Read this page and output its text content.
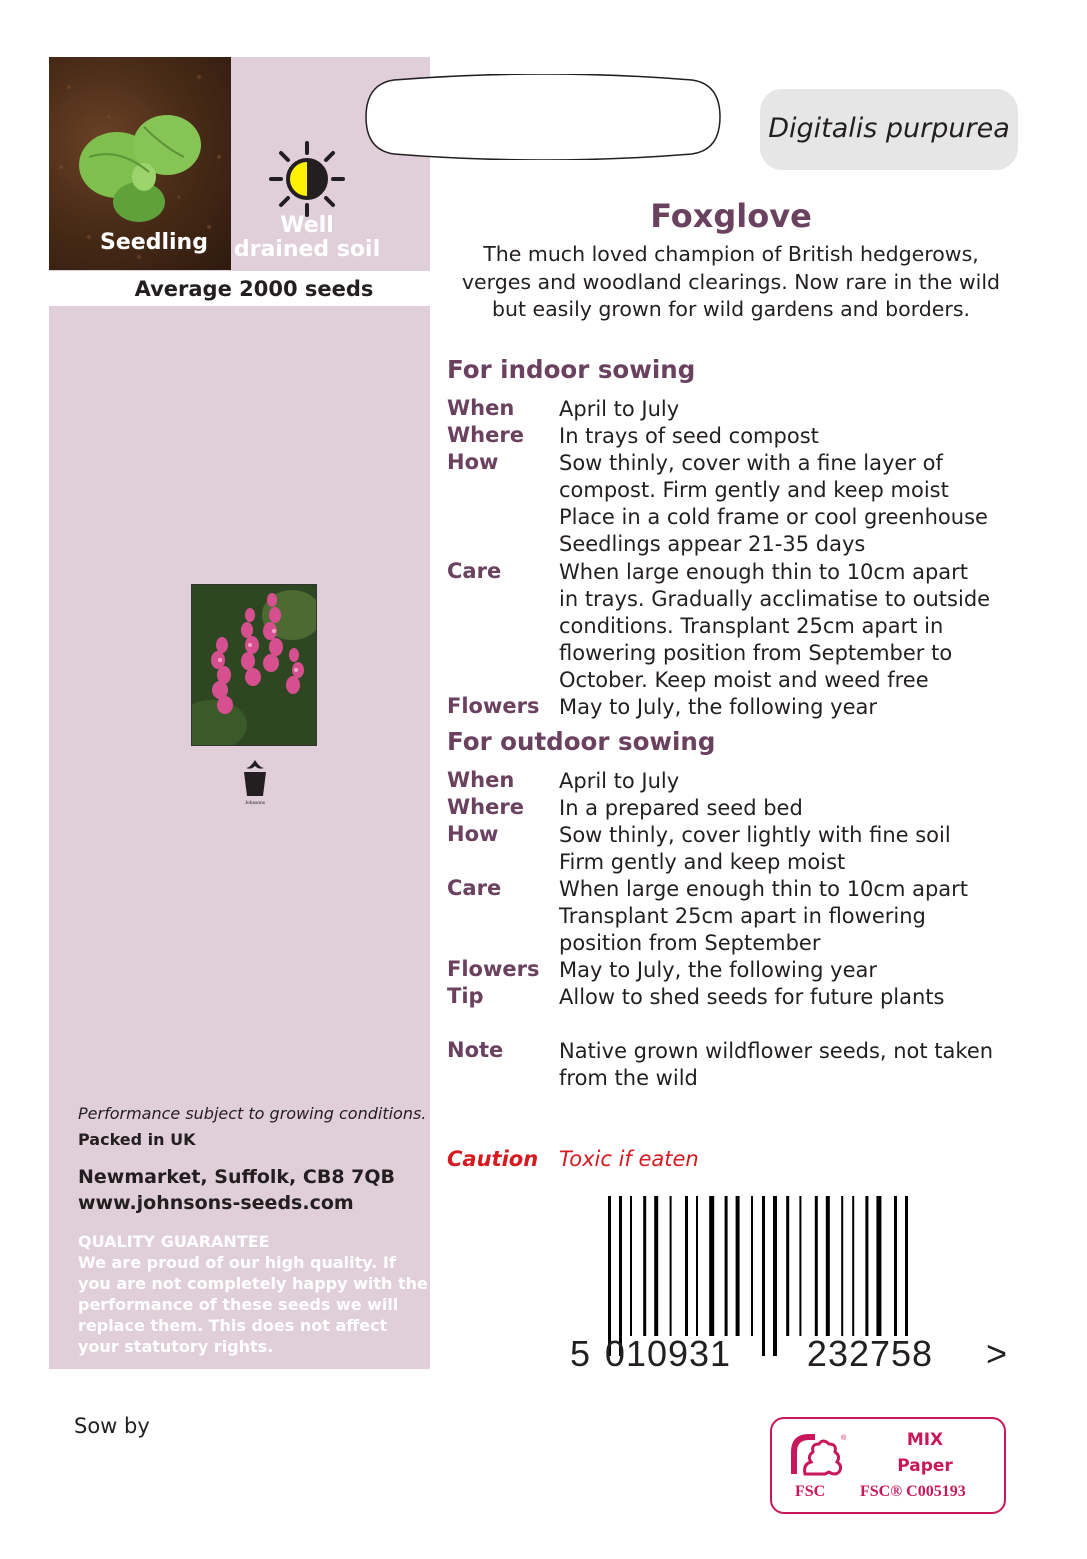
Seedling
Well drained soil
Average 2000 seeds
Johnsons
Performance subject to growing conditions.
Packed in UK
Newmarket, Suffolk, CB8 7QB
www.johnsons-seeds.com
QUALITY GUARANTEE
We are proud of our high quality. If you are not completely happy with the performance of these seeds we will replace them. This does not affect your statutory rights.
Sow by
Digitalis purpurea
Foxglove
The much loved champion of British hedgerows, verges and woodland clearings. Now rare in the wild but easily grown for wild gardens and borders.
For indoor sowing
When April to July
Where In trays of seed compost
How	Sow thinly, cover with a fine layer of
compost. Firm gently and keep moist
Place in a cold frame or cool greenhouse
Seedlings appear 21-35 days
Care	When large enough thin to 10cm apart
in trays. Gradually acclimatise to outside
conditions. Transplant 25cm apart in
flowering position from September to
October. Keep moist and weed free
Flowers May to July, the following year
For outdoor sowing
When April to July
Where In a prepared seed bed
How	Sow thinly, cover lightly with fine soil
Firm gently and keep moist
Care	When large enough thin to 10cm apart
Transplant 25cm apart in flowering
position from September
Flowers May to July, the following year
Tip	Allow to shed seeds for future plants
Note	Native grown wildflower seeds, not taken
from the wild
Caution Toxic if eaten
5 010931 232758 >
®
FSC
MIX
Paper
FSC® C005193
